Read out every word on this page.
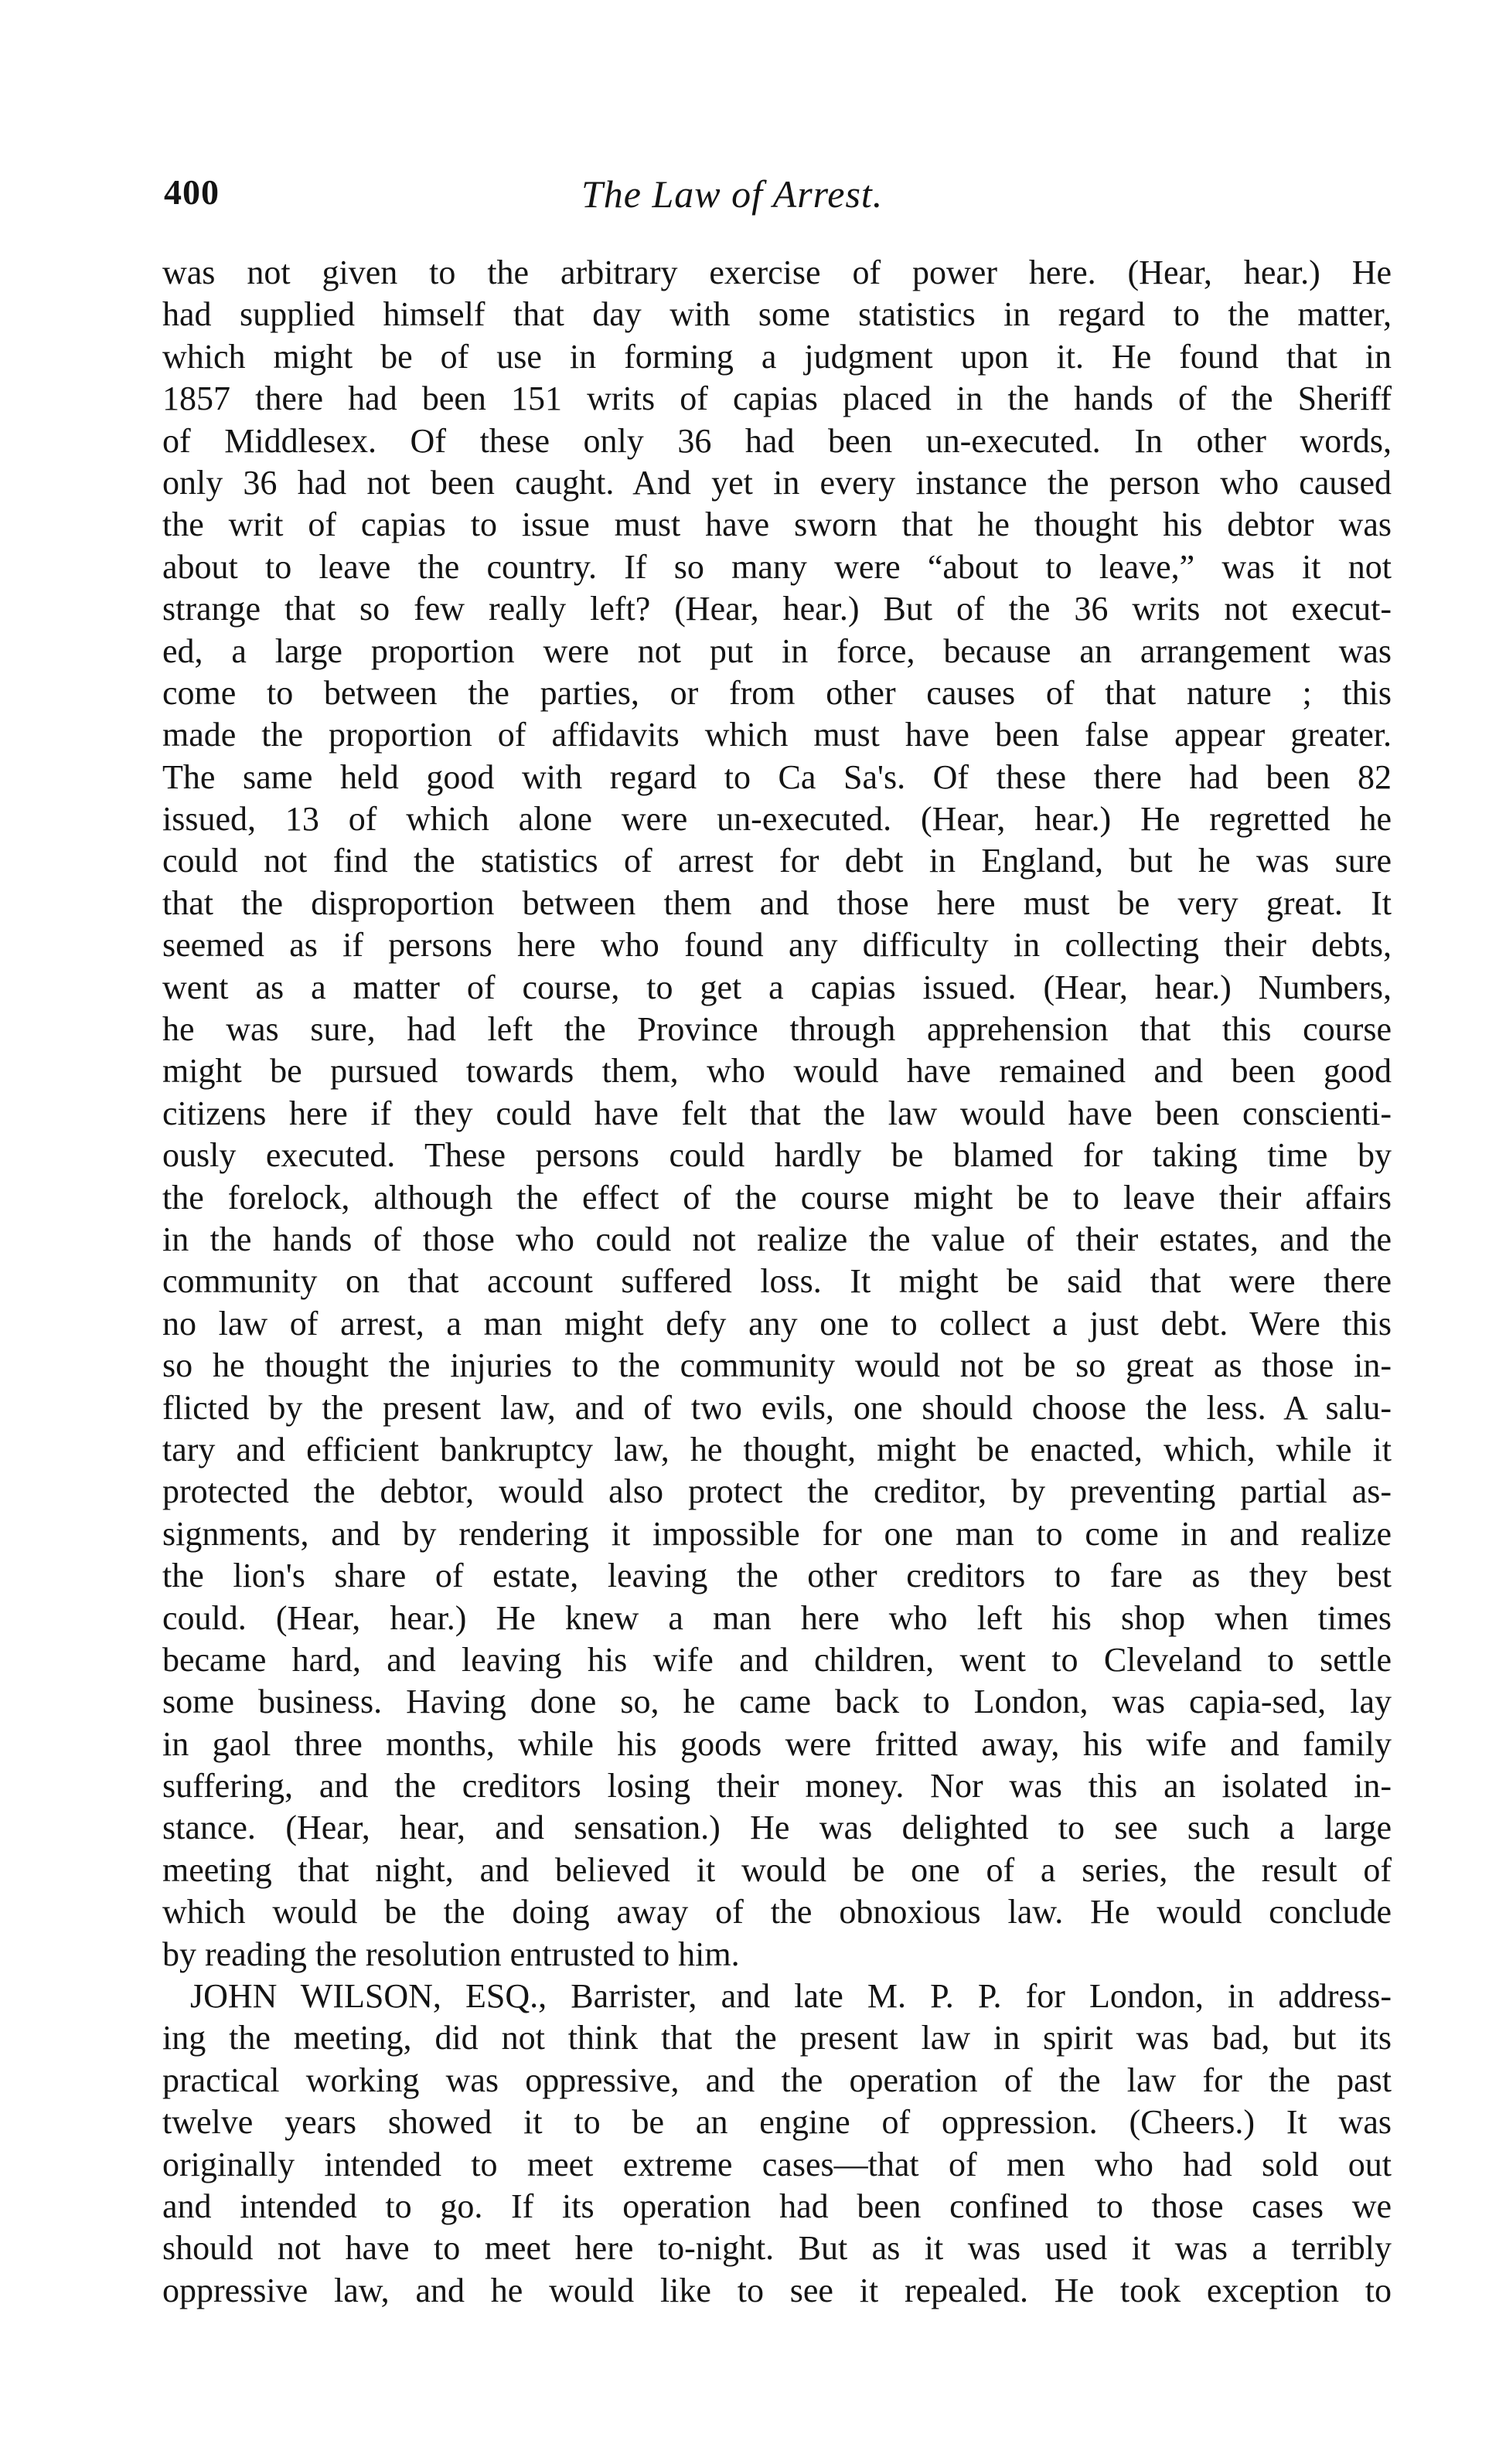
400	The Law of Arrest.
was not given to the arbitrary exercise of power here. (Hear, hear.) He
had supplied himself that day with some statistics in regard to the matter,
which might be of use in forming a judgment upon it. He found that in
1857 there had been 151 writs of capias placed in the hands of the Sheriff
of Middlesex. Of these only 36 had been un-executed. In other words,
only 36 had not been caught. And yet in every instance the person who caused
the writ of capias to issue must have sworn that he thought his debtor was
about to leave the country. If so many were “about to leave,” was it not
strange that so few really left? (Hear, hear.) But of the 36 writs not execut-
ed, a large proportion were not put in force, because an arrangement was
come to between the parties, or from other causes of that nature ; this
made the proportion of affidavits which must have been false appear greater.
The same held good with regard to Ca Sa's. Of these there had been 82
issued, 13 of which alone were un-executed. (Hear, hear.) He regretted he
could not find the statistics of arrest for debt in England, but he was sure
that the disproportion between them and those here must be very great. It
seemed as if persons here who found any difficulty in collecting their debts,
went as a matter of course, to get a capias issued. (Hear, hear.) Numbers,
he was sure, had left the Province through apprehension that this course
might be pursued towards them, who would have remained and been good
citizens here if they could have felt that the law would have been conscienti-
ously executed. These persons could hardly be blamed for taking time by
the forelock, although the effect of the course might be to leave their affairs
in the hands of those who could not realize the value of their estates, and the
community on that account suffered loss. It might be said that were there
no law of arrest, a man might defy any one to collect a just debt. Were this
so he thought the injuries to the community would not be so great as those in-
flicted by the present law, and of two evils, one should choose the less. A salu-
tary and efficient bankruptcy law, he thought, might be enacted, which, while it
protected the debtor, would also protect the creditor, by preventing partial as-
signments, and by rendering it impossible for one man to come in and realize
the lion's share of estate, leaving the other creditors to fare as they best
could. (Hear, hear.) He knew a man here who left his shop when times
became hard, and leaving his wife and children, went to Cleveland to settle
some business. Having done so, he came back to London, was capia-sed, lay
in gaol three months, while his goods were fritted away, his wife and family
suffering, and the creditors losing their money. Nor was this an isolated in-
stance. (Hear, hear, and sensation.) He was delighted to see such a large
meeting that night, and believed it would be one of a series, the result of
which would be the doing away of the obnoxious law. He would conclude
by reading the resolution entrusted to him.
JOHN WILSON, ESQ., Barrister, and late M. P. P. for London, in address-
ing the meeting, did not think that the present law in spirit was bad, but its
practical working was oppressive, and the operation of the law for the past
twelve years showed it to be an engine of oppression. (Cheers.) It was
originally intended to meet extreme cases—that of men who had sold out
and intended to go. If its operation had been confined to those cases we
should not have to meet here to-night. But as it was used it was a terribly
oppressive law, and he would like to see it repealed. He took exception to
